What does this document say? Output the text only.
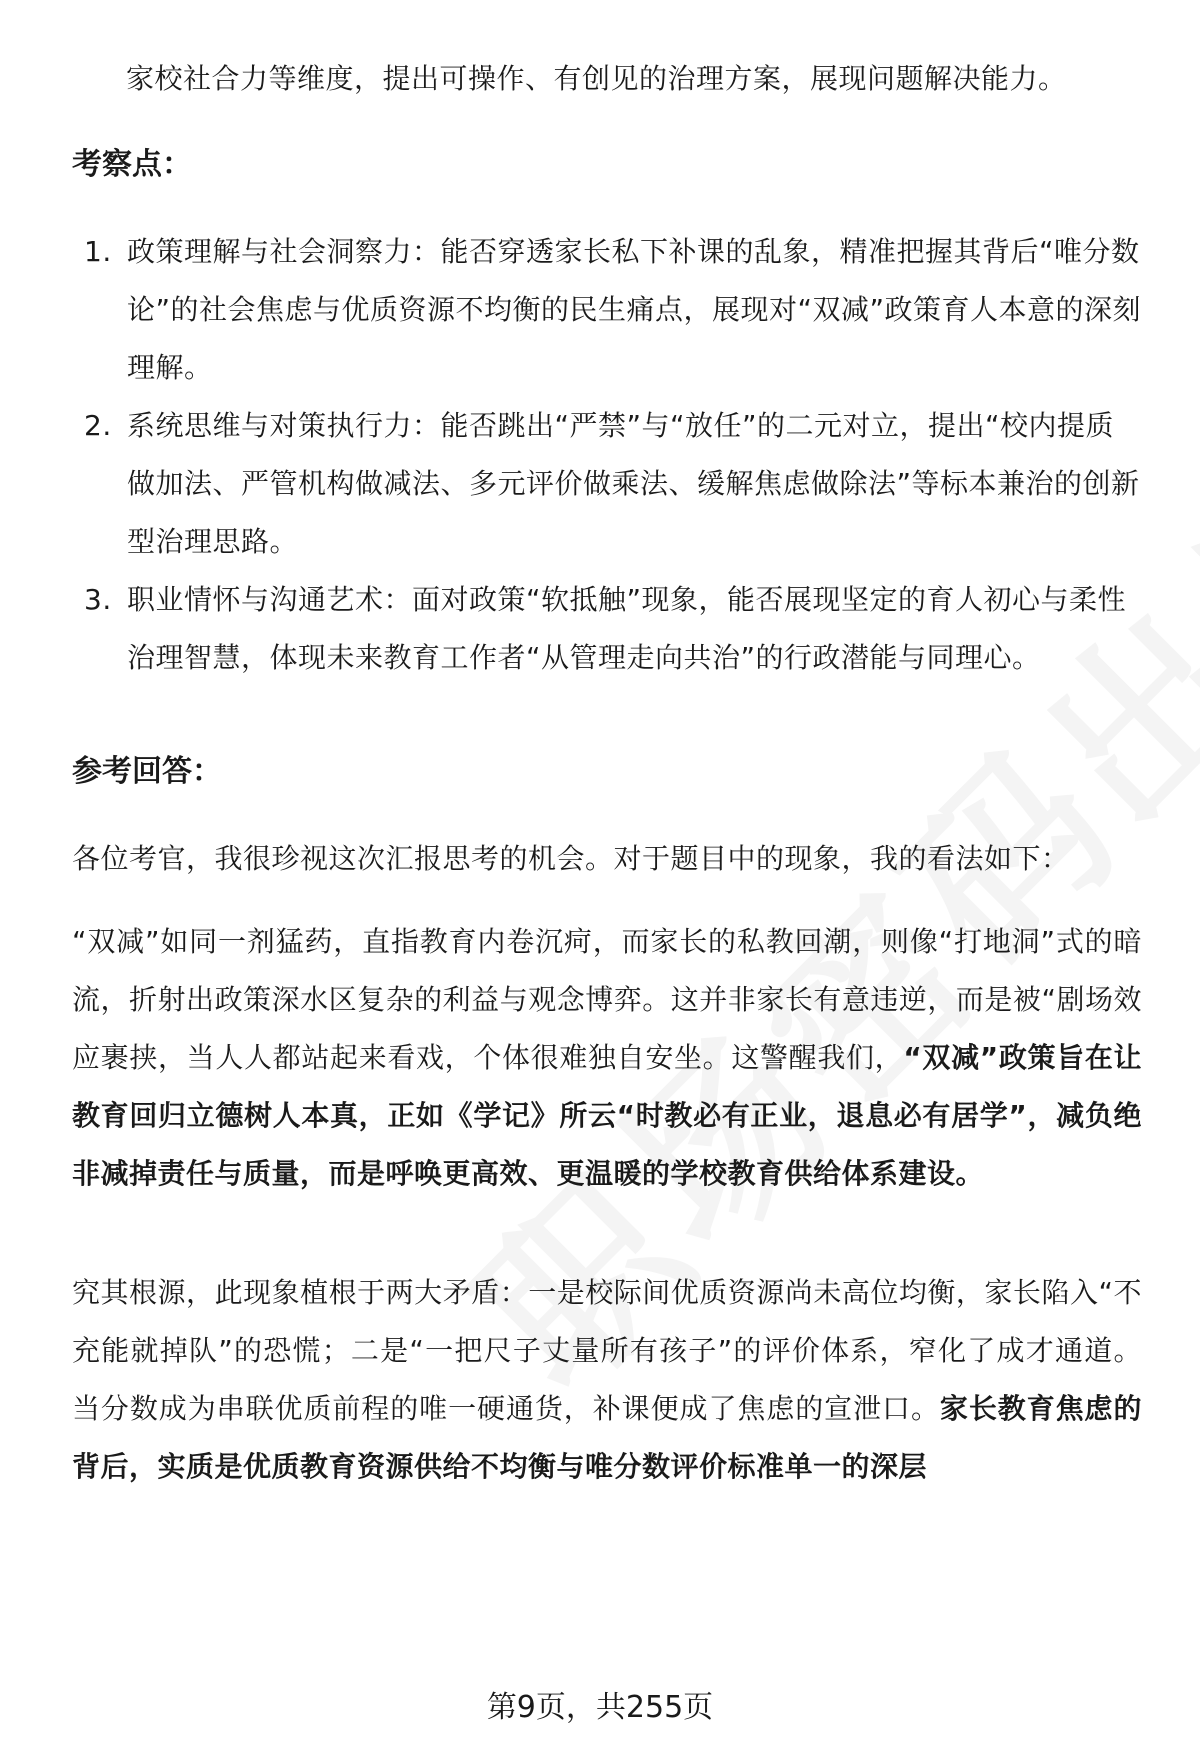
家校社合力等维度，提出可操作、有创见的治理方案，展现问题解决能力。
考察点：
1. 政策理解与社会洞察力：能否穿透家长私下补课的乱象，精准把握其背后“唯分数论”的社会焦虑与优质资源不均衡的民生痛点，展现对“双减”政策育人本意的深刻理解。
2. 系统思维与对策执行力：能否跳出“严禁”与“放任”的二元对立，提出“校内提质做加法、严管机构做减法、多元评价做乘法、缓解焦虑做除法”等标本兼治的创新型治理思路。
3. 职业情怀与沟通艺术：面对政策“软抵触”现象，能否展现坚定的育人初心与柔性治理智慧，体现未来教育工作者“从管理走向共治”的行政潜能与同理心。
参考回答：
各位考官，我很珍视这次汇报思考的机会。对于题目中的现象，我的看法如下：
“双减”如同一剂猛药，直指教育内卷沉疴，而家长的私教回潮，则像“打地洞”式的暗流，折射出政策深水区复杂的利益与观念博弈。这并非家长有意违逆，而是被“剧场效应裹挟，当人人都站起来看戏，个体很难独自安坐。这警醒我们，“双减”政策旨在让教育回归立德树人本真，正如《学记》所云“时教必有正业，退息必有居学”，减负绝非减掉责任与质量，而是呼唤更高效、更温暖的学校教育供给体系建设。
究其根源，此现象植根于两大矛盾：一是校际间优质资源尚未高位均衡，家长陷入“不充能就掉队”的恐慌；二是“一把尺子丈量所有孩子”的评价体系，窄化了成才通道。当分数成为串联优质前程的唯一硬通货，补课便成了焦虑的宣泄口。家长教育焦虑的背后，实质是优质教育资源供给不均衡与唯分数评价标准单一的深层
第9页，共255页
